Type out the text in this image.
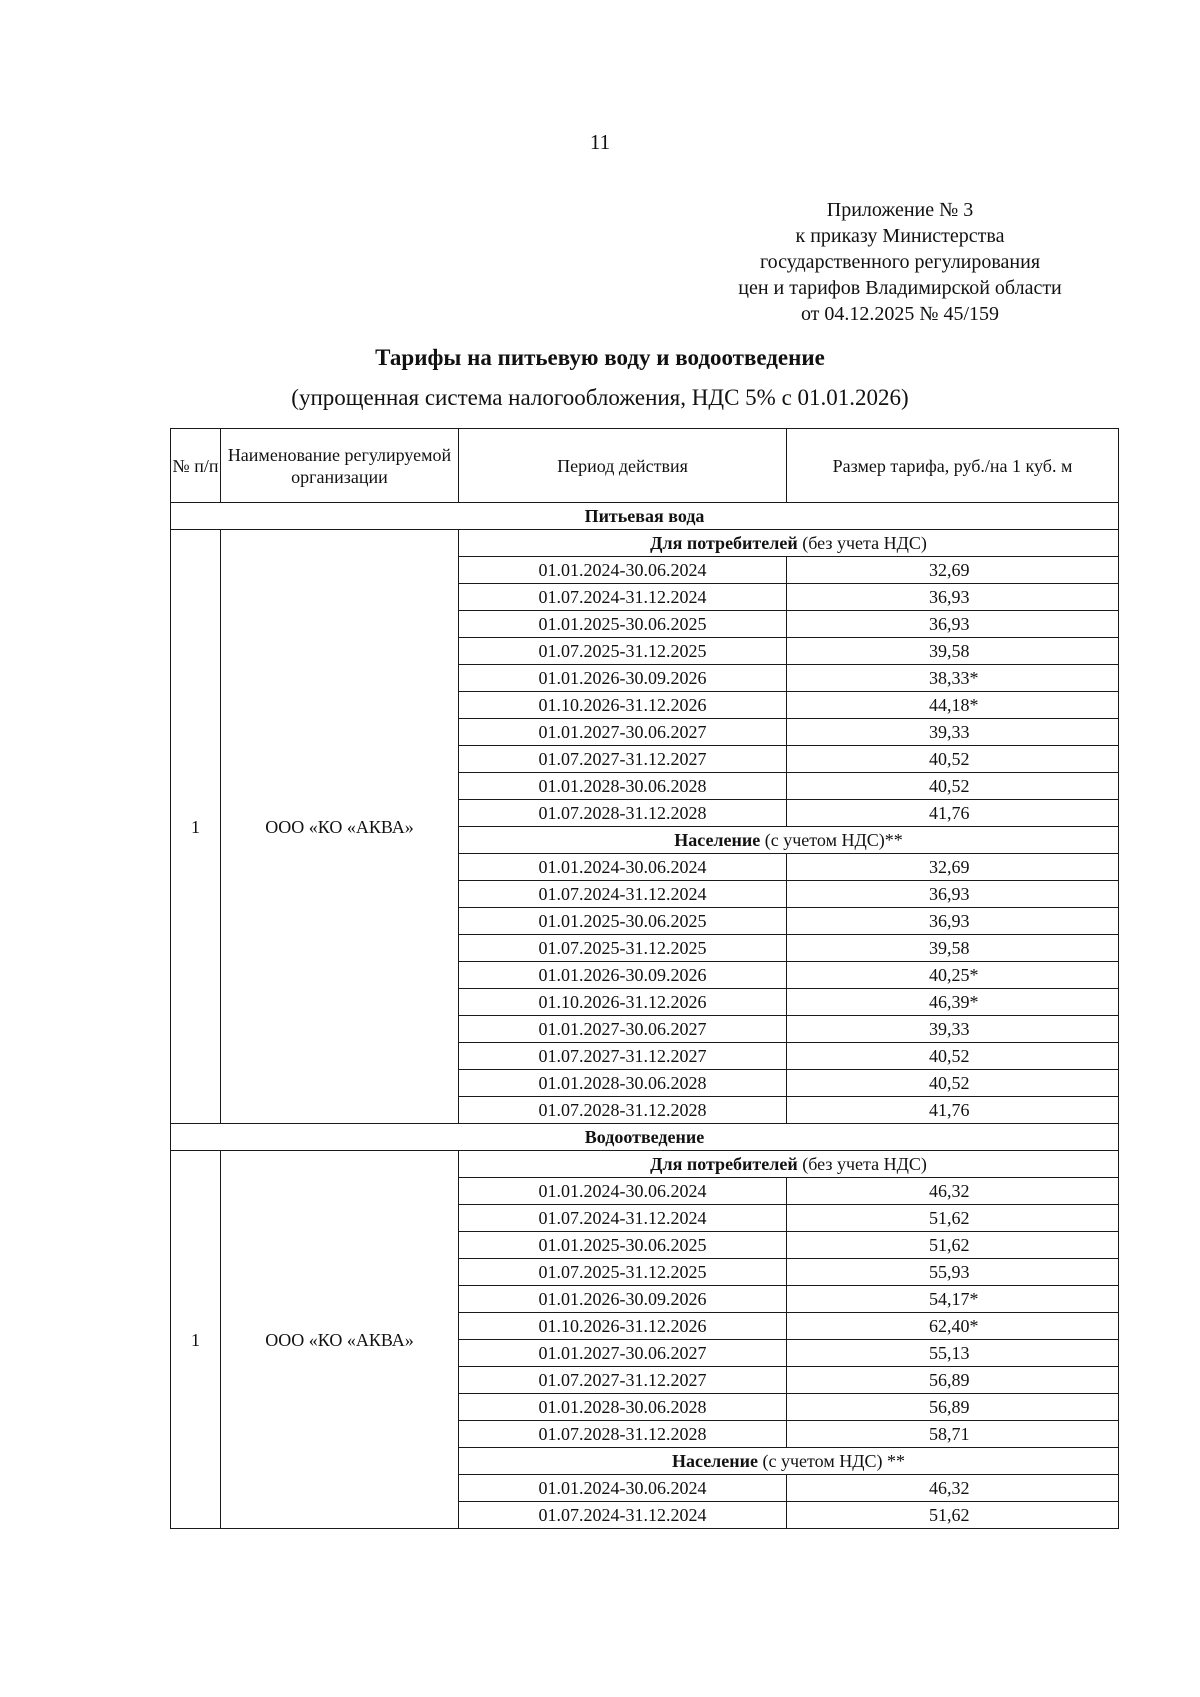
11
Приложение № 3
к приказу Министерства
государственного регулирования
цен и тарифов Владимирской области
от 04.12.2025 № 45/159
Тарифы на питьевую воду и водоотведение
(упрощенная система налогообложения, НДС 5% с 01.01.2026)
№ п/п	Наименование регулируемой организации	Период действия	Размер тарифа, руб./на 1 куб. м
Питьевая вода			
1	ООО «КО «АКВА»	Для потребителей (без учета НДС)	
		01.01.2024-30.06.2024	32,69
		01.07.2024-31.12.2024	36,93
		01.01.2025-30.06.2025	36,93
		01.07.2025-31.12.2025	39,58
		01.01.2026-30.09.2026	38,33*
		01.10.2026-31.12.2026	44,18*
		01.01.2027-30.06.2027	39,33
		01.07.2027-31.12.2027	40,52
		01.01.2028-30.06.2028	40,52
		01.07.2028-31.12.2028	41,76
		Население (с учетом НДС)**	
		01.01.2024-30.06.2024	32,69
		01.07.2024-31.12.2024	36,93
		01.01.2025-30.06.2025	36,93
		01.07.2025-31.12.2025	39,58
		01.01.2026-30.09.2026	40,25*
		01.10.2026-31.12.2026	46,39*
		01.01.2027-30.06.2027	39,33
		01.07.2027-31.12.2027	40,52
		01.01.2028-30.06.2028	40,52
		01.07.2028-31.12.2028	41,76
Водоотведение			
1	ООО «КО «АКВА»	Для потребителей (без учета НДС)	
		01.01.2024-30.06.2024	46,32
		01.07.2024-31.12.2024	51,62
		01.01.2025-30.06.2025	51,62
		01.07.2025-31.12.2025	55,93
		01.01.2026-30.09.2026	54,17*
		01.10.2026-31.12.2026	62,40*
		01.01.2027-30.06.2027	55,13
		01.07.2027-31.12.2027	56,89
		01.01.2028-30.06.2028	56,89
		01.07.2028-31.12.2028	58,71
		Население (с учетом НДС) **	
		01.01.2024-30.06.2024	46,32
		01.07.2024-31.12.2024	51,62
